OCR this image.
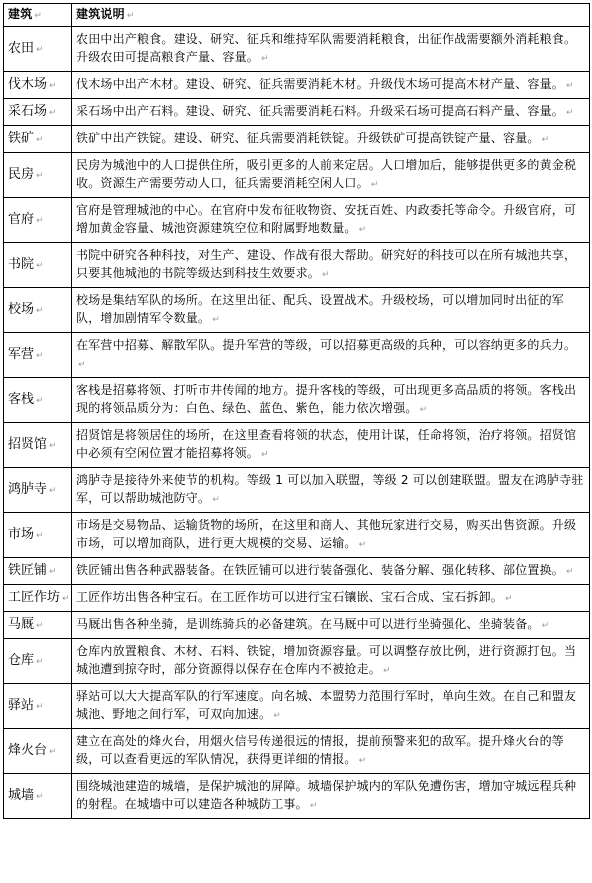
建筑 ↵	建筑说明 ↵
农田 ↵	农田中出产粮食。建设、研究、征兵和维持军队需要消耗粮食，出征作战需要额外消耗粮食。升级农田可提高粮食产量、容量。 ↵
伐木场 ↵	伐木场中出产木材。建设、研究、征兵需要消耗木材。升级伐木场可提高木材产量、容量。 ↵
采石场 ↵	采石场中出产石料。建设、研究、征兵需要消耗石料。升级采石场可提高石料产量、容量。 ↵
铁矿 ↵	铁矿中出产铁锭。建设、研究、征兵需要消耗铁锭。升级铁矿可提高铁锭产量、容量。 ↵
民房 ↵	民房为城池中的人口提供住所，吸引更多的人前来定居。人口增加后，能够提供更多的黄金税收。资源生产需要劳动人口，征兵需要消耗空闲人口。 ↵
官府 ↵	官府是管理城池的中心。在官府中发布征收物资、安抚百姓、内政委托等命令。升级官府，可增加黄金容量、城池资源建筑空位和附属野地数量。 ↵
书院 ↵	书院中研究各种科技，对生产、建设、作战有很大帮助。研究好的科技可以在所有城池共享，只要其他城池的书院等级达到科技生效要求。 ↵
校场 ↵	校场是集结军队的场所。在这里出征、配兵、设置战术。升级校场，可以增加同时出征的军队，增加剧情军令数量。 ↵
军营 ↵	在军营中招募、解散军队。提升军营的等级，可以招募更高级的兵种，可以容纳更多的兵力。↵
客栈 ↵	客栈是招募将领、打听市井传闻的地方。提升客栈的等级，可出现更多高品质的将领。客栈出现的将领品质分为：白色、绿色、蓝色、紫色，能力依次增强。 ↵
招贤馆 ↵	招贤馆是将领居住的场所，在这里查看将领的状态，使用计谋，任命将领，治疗将领。招贤馆中必须有空闲位置才能招募将领。 ↵
鸿胪寺 ↵	鸿胪寺是接待外来使节的机构。等级 1 可以加入联盟，等级 2 可以创建联盟。盟友在鸿胪寺驻军，可以帮助城池防守。 ↵
市场 ↵	市场是交易物品、运输货物的场所，在这里和商人、其他玩家进行交易，购买出售资源。升级市场，可以增加商队，进行更大规模的交易、运输。 ↵
铁匠铺 ↵	铁匠铺出售各种武器装备。在铁匠铺可以进行装备强化、装备分解、强化转移、部位置换。 ↵
工匠作坊 ↵	工匠作坊出售各种宝石。在工匠作坊可以进行宝石镶嵌、宝石合成、宝石拆卸。 ↵
马厩 ↵	马厩出售各种坐骑，是训练骑兵的必备建筑。在马厩中可以进行坐骑强化、坐骑装备。 ↵
仓库 ↵	仓库内放置粮食、木材、石料、铁锭，增加资源容量。可以调整存放比例，进行资源打包。当城池遭到掠夺时，部分资源得以保存在仓库内不被抢走。 ↵
驿站 ↵	驿站可以大大提高军队的行军速度。向名城、本盟势力范围行军时，单向生效。在自己和盟友城池、野地之间行军，可双向加速。 ↵
烽火台 ↵	建立在高处的烽火台，用烟火信号传递很远的情报，提前预警来犯的敌军。提升烽火台的等级，可以查看更远的军队情况，获得更详细的情报。 ↵
城墙 ↵	围绕城池建造的城墙，是保护城池的屏障。城墙保护城内的军队免遭伤害，增加守城远程兵种的射程。在城墙中可以建造各种城防工事。 ↵
